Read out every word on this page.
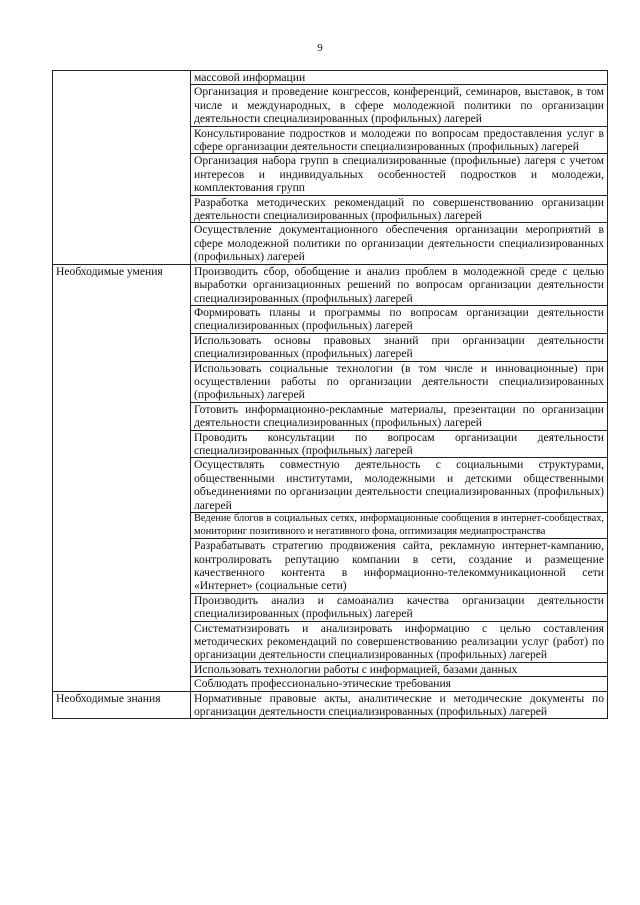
9
	массовой информации
	Организация и проведение конгрессов, конференций, семинаров, выставок, в том числе и международных, в сфере молодежной политики по организации деятельности специализированных (профильных) лагерей
	Консультирование подростков и молодежи по вопросам предоставления услуг в сфере организации деятельности специализированных (профильных) лагерей
	Организация набора групп в специализированные (профильные) лагеря с учетом интересов и индивидуальных особенностей подростков и молодежи, комплектования групп
	Разработка методических рекомендаций по совершенствованию организации деятельности специализированных (профильных) лагерей
	Осуществление документационного обеспечения организации мероприятий в сфере молодежной политики по организации деятельности специализированных (профильных) лагерей
Необходимые умения	Производить сбор, обобщение и анализ проблем в молодежной среде с целью выработки организационных решений по вопросам организации деятельности специализированных (профильных) лагерей
	Формировать планы и программы по вопросам организации деятельности специализированных (профильных) лагерей
	Использовать основы правовых знаний при организации деятельности специализированных (профильных) лагерей
	Использовать социальные технологии (в том числе и инновационные) при осуществлении работы по организации деятельности специализированных (профильных) лагерей
	Готовить информационно-рекламные материалы, презентации по организации деятельности специализированных (профильных) лагерей
	Проводить консультации по вопросам организации деятельности специализированных (профильных) лагерей
	Осуществлять совместную деятельность с социальными структурами, общественными институтами, молодежными и детскими общественными объединениями по организации деятельности специализированных (профильных) лагерей
	Ведение блогов в социальных сетях, информационные сообщения в интернет-сообществах, мониторинг позитивного и негативного фона, оптимизация медиапространства
	Разрабатывать стратегию продвижения сайта, рекламную интернет-кампанию, контролировать репутацию компании в сети, создание и размещение качественного контента в информационно-телекоммуникационной сети «Интернет» (социальные сети)
	Производить анализ и самоанализ качества организации деятельности специализированных (профильных) лагерей
	Систематизировать и анализировать информацию с целью составления методических рекомендаций по совершенствованию реализации услуг (работ) по организации деятельности специализированных (профильных) лагерей
	Использовать технологии работы с информацией, базами данных
	Соблюдать профессионально-этические требования
Необходимые знания	Нормативные правовые акты, аналитические и методические документы по организации деятельности специализированных (профильных) лагерей
